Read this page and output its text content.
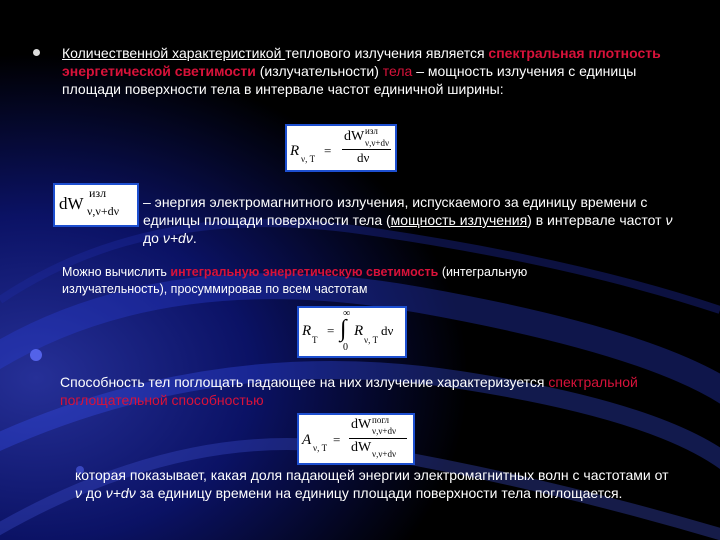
Количественной характеристикой теплового излучения является спектральная плотность энергетической светимости (излучательности) тела – мощность излучения с единицы площади поверхности тела в интервале частот единичной ширины:
R ν, T
=
dW изл
ν,ν+dν
dν
dW
изл
ν,ν+dν
– энергия электромагнитного излучения, испускаемого за единицу времени с единицы площади поверхности тела (мощность излучения) в интервале частот ν до ν+dν.
Можно вычислить интегральную энергетическую светимость (интегральную излучательность), просуммировав по всем частотам
R
T
=
∞
∫
0
R
ν, T
dν
Способность тел поглощать падающее на них излучение характеризуется спектральной поглощательной способностью
A ν, T
=
dW погл
ν,ν+dν
dW ν,ν+dν
которая показывает, какая доля падающей энергии электромагнитных волн с частотами от ν до ν+dν за единицу времени на единицу площади поверхности тела поглощается.
